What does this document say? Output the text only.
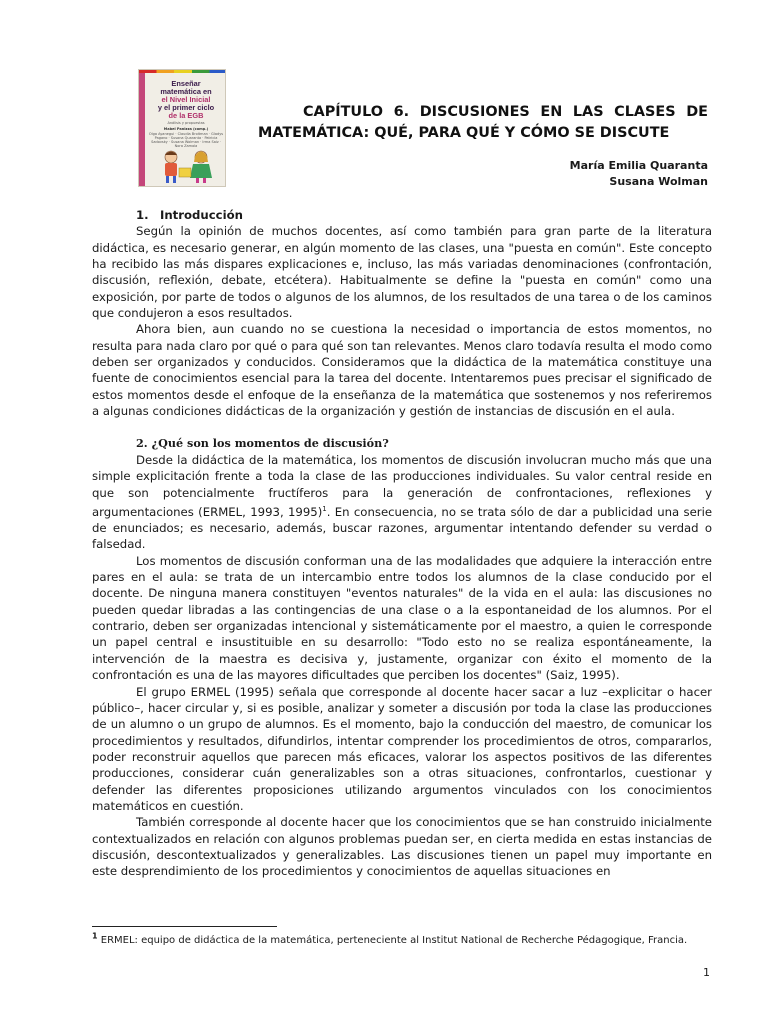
Enseñar
matemática en
el Nivel Inicial
y el primer ciclo
de la EGB
Análisis y propuestas
Mabel Panizza (comp.)
Olga Ayanegui · Claudia Broitman · Gladys Pagano · Susana Quaranta · Patricia Sadovsky · Susana Wolman · Irma Saiz · Nora Zamola
CAPÍTULO 6. DISCUSIONES EN LAS CLASES DE
MATEMÁTICA: QUÉ, PARA QUÉ Y CÓMO SE DISCUTE
María Emilia Quaranta
Susana Wolman
1. Introducción

Según la opinión de muchos docentes, así como también para gran parte de la literatura didáctica, es necesario generar, en algún momento de las clases, una "puesta en común". Este concepto ha recibido las más dispares explicaciones e, incluso, las más variadas denominaciones (confrontación, discusión, reflexión, debate, etcétera). Habitualmente se define la "puesta en común" como una exposición, por parte de todos o algunos de los alumnos, de los resultados de una tarea o de los caminos que condujeron a esos resultados.

Ahora bien, aun cuando no se cuestiona la necesidad o importancia de estos momentos, no resulta para nada claro por qué o para qué son tan relevantes. Menos claro todavía resulta el modo como deben ser organizados y conducidos. Consideramos que la didáctica de la matemática constituye una fuente de conocimientos esencial para la tarea del docente. Intentaremos pues precisar el significado de estos momentos desde el enfoque de la enseñanza de la matemática que sostenemos y nos referiremos a algunas condiciones didácticas de la organización y gestión de instancias de discusión en el aula.

2. ¿Qué son los momentos de discusión?

Desde la didáctica de la matemática, los momentos de discusión involucran mucho más que una simple explicitación frente a toda la clase de las producciones individuales. Su valor central reside en que son potencialmente fructíferos para la generación de confrontaciones, reflexiones y argumentaciones (ERMEL, 1993, 1995)$^1$. En consecuencia, no se trata sólo de dar a publicidad una serie de enunciados; es necesario, además, buscar razones, argumentar intentando defender su verdad o falsedad.

Los momentos de discusión conforman una de las modalidades que adquiere la interacción entre pares en el aula: se trata de un intercambio entre todos los alumnos de la clase conducido por el docente. De ninguna manera constituyen "eventos naturales" de la vida en el aula: las discusiones no pueden quedar libradas a las contingencias de una clase o a la espontaneidad de los alumnos. Por el contrario, deben ser organizadas intencional y sistemáticamente por el maestro, a quien le corresponde un papel central e insustituible en su desarrollo: "Todo esto no se realiza espontáneamente, la intervención de la maestra es decisiva y, justamente, organizar con éxito el momento de la confrontación es una de las mayores dificultades que perciben los docentes" (Saiz, 1995).

El grupo ERMEL (1995) señala que corresponde al docente hacer sacar a luz –explicitar o hacer público–, hacer circular y, si es posible, analizar y someter a discusión por toda la clase las producciones de un alumno o un grupo de alumnos. Es el momento, bajo la conducción del maestro, de comunicar los procedimientos y resultados, difundirlos, intentar comprender los procedimientos de otros, compararlos, poder reconstruir aquellos que parecen más eficaces, valorar los aspectos positivos de las diferentes producciones, considerar cuán generalizables son a otras situaciones, confrontarlos, cuestionar y defender las diferentes proposiciones utilizando argumentos vinculados con los conocimientos matemáticos en cuestión.

También corresponde al docente hacer que los conocimientos que se han construido inicialmente contextualizados en relación con algunos problemas puedan ser, en cierta medida en estas instancias de discusión, descontextualizados y generalizables. Las discusiones tienen un papel muy importante en este desprendimiento de los procedimientos y conocimientos de aquellas situaciones en

$^1$ ERMEL: equipo de didáctica de la matemática, perteneciente al Institut National de Recherche Pédagogique, Francia.
1
